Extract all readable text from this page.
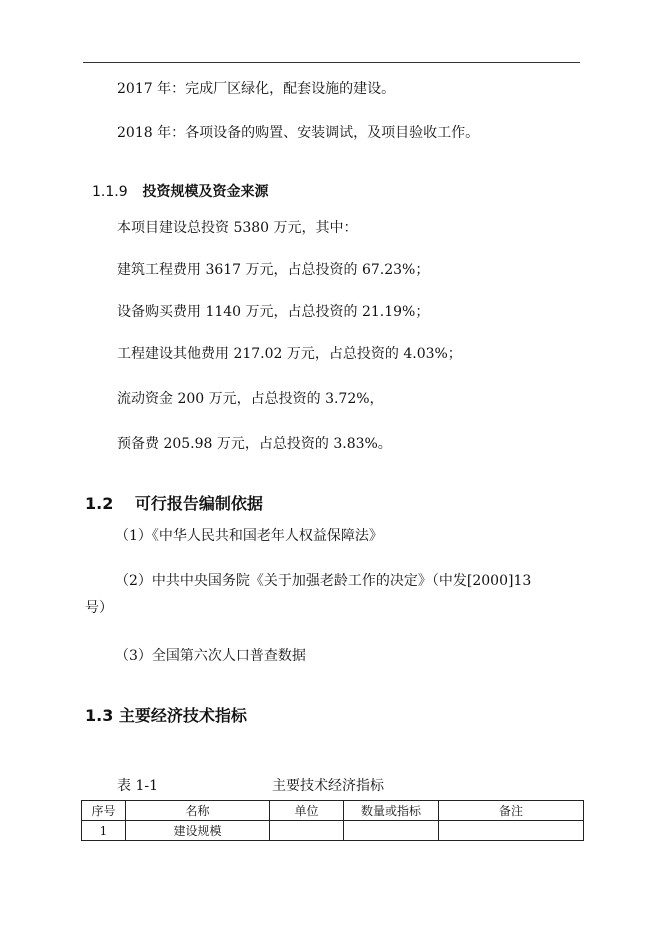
2017 年：完成厂区绿化，配套设施的建设。
2018 年：各项设备的购置、安装调试，及项目验收工作。
1.1.9 投资规模及资金来源
本项目建设总投资 5380 万元，其中：
建筑工程费用 3617 万元，占总投资的 67.23%；
设备购买费用 1140 万元，占总投资的 21.19%；
工程建设其他费用 217.02 万元，占总投资的 4.03%；
流动资金 200 万元，占总投资的 3.72%，
预备费 205.98 万元，占总投资的 3.83%。
1.2 可行报告编制依据
（1）《中华人民共和国老年人权益保障法》
（2）中共中央国务院《关于加强老龄工作的决定》（中发[2000]13
号）
（3）全国第六次人口普查数据
1.3 主要经济技术指标
表 1-1	主要技术经济指标
序号	名称	单位	数量或指标	备注
1	建设规模			
